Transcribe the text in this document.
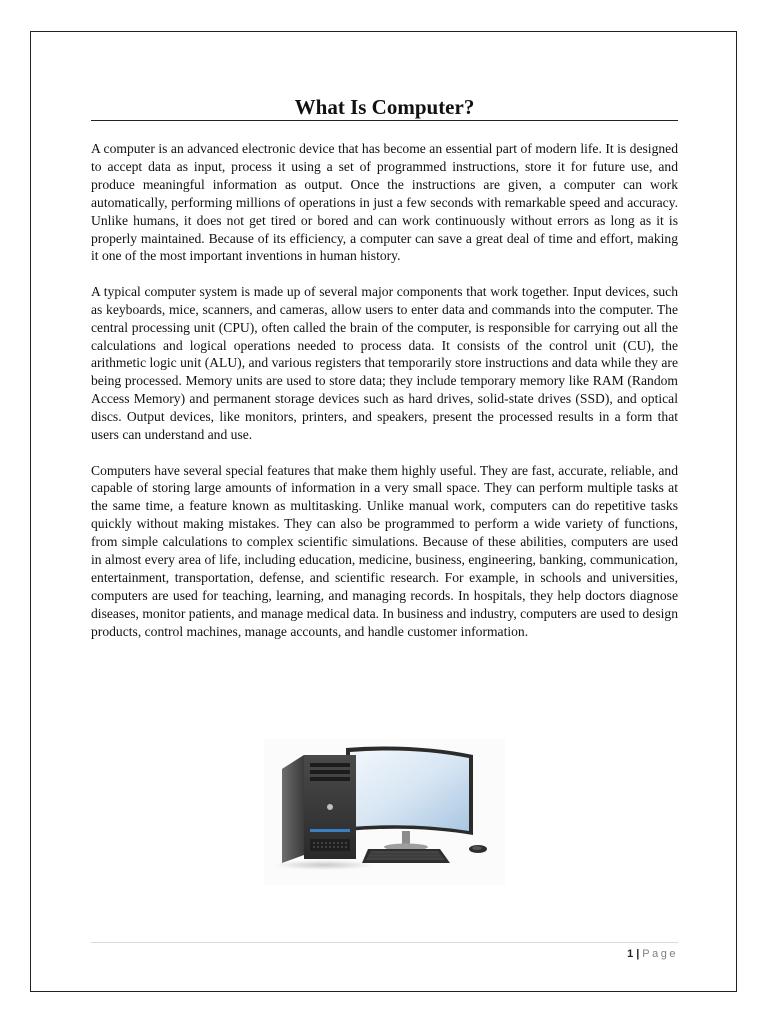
What Is Computer?

A computer is an advanced electronic device that has become an essential part of modern life. It is designed to accept data as input, process it using a set of programmed instructions, store it for future use, and produce meaningful information as output. Once the instructions are given, a computer can work automatically, performing millions of operations in just a few seconds with remarkable speed and accuracy. Unlike humans, it does not get tired or bored and can work continuously without errors as long as it is properly maintained. Because of its efficiency, a computer can save a great deal of time and effort, making it one of the most important inventions in human history.

A typical computer system is made up of several major components that work together. Input devices, such as keyboards, mice, scanners, and cameras, allow users to enter data and commands into the computer. The central processing unit (CPU), often called the brain of the computer, is responsible for carrying out all the calculations and logical operations needed to process data. It consists of the control unit (CU), the arithmetic logic unit (ALU), and various registers that temporarily store instructions and data while they are being processed. Memory units are used to store data; they include temporary memory like RAM (Random Access Memory) and permanent storage devices such as hard drives, solid-state drives (SSD), and optical discs. Output devices, like monitors, printers, and speakers, present the processed results in a form that users can understand and use.

Computers have several special features that make them highly useful. They are fast, accurate, reliable, and capable of storing large amounts of information in a very small space. They can perform multiple tasks at the same time, a feature known as multitasking. Unlike manual work, computers can do repetitive tasks quickly without making mistakes. They can also be programmed to perform a wide variety of functions, from simple calculations to complex scientific simulations. Because of these abilities, computers are used in almost every area of life, including education, medicine, business, engineering, banking, communication, entertainment, transportation, defense, and scientific research. For example, in schools and universities, computers are used for teaching, learning, and managing records. In hospitals, they help doctors diagnose diseases, monitor patients, and manage medical data. In business and industry, computers are used to design products, control machines, manage accounts, and handle customer information.

1 | Page
